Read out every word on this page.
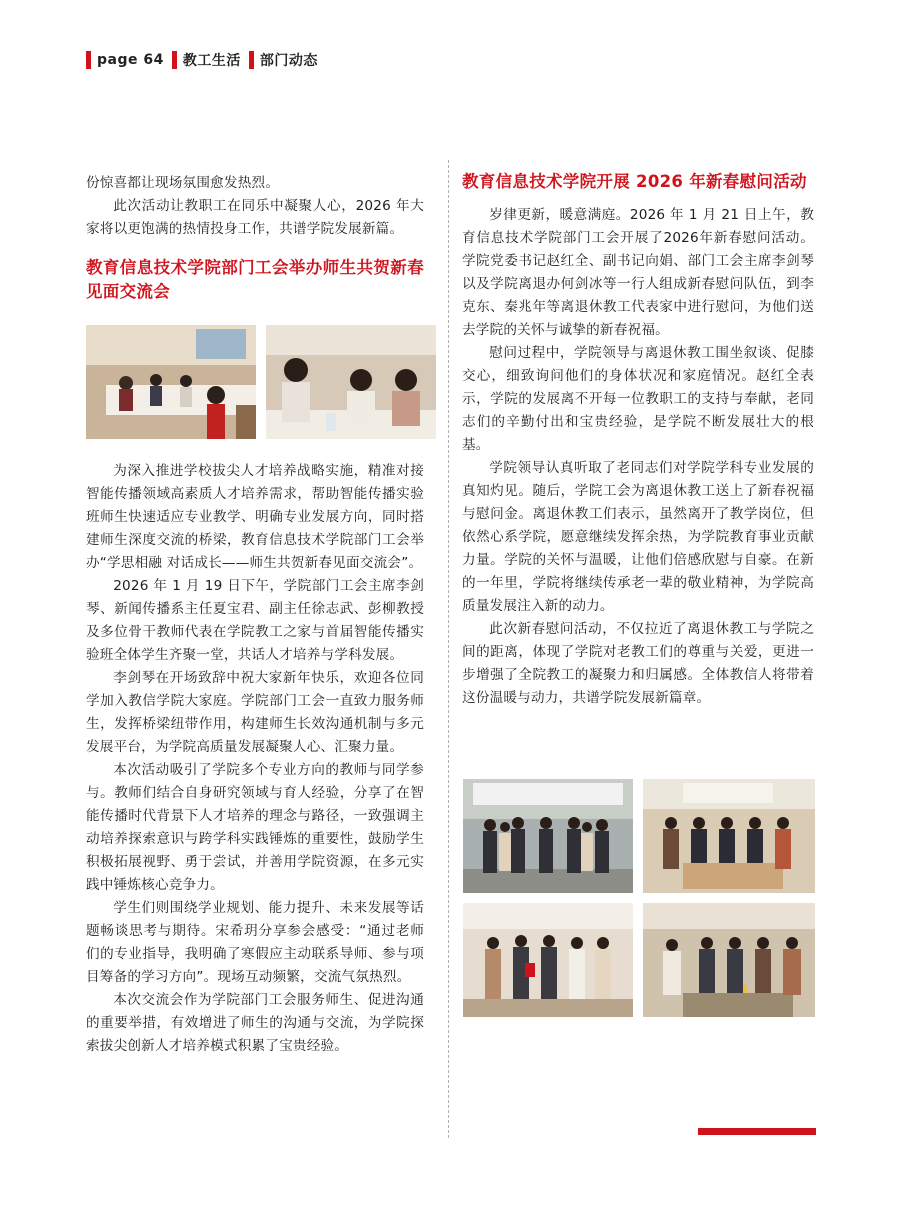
page 64 教工生活 部门动态

份惊喜都让现场氛围愈发热烈。

此次活动让教职工在同乐中凝聚人心，2026 年大家将以更饱满的热情投身工作，共谱学院发展新篇。

教育信息技术学院部门工会举办师生共贺新春见面交流会

为深入推进学校拔尖人才培养战略实施，精准对接智能传播领域高素质人才培养需求，帮助智能传播实验班师生快速适应专业教学、明确专业发展方向，同时搭建师生深度交流的桥梁，教育信息技术学院部门工会举办“学思相融 对话成长——师生共贺新春见面交流会”。

2026 年 1 月 19 日下午，学院部门工会主席李剑琴、新闻传播系主任夏宝君、副主任徐志武、彭柳教授及多位骨干教师代表在学院教工之家与首届智能传播实验班全体学生齐聚一堂，共话人才培养与学科发展。

李剑琴在开场致辞中祝大家新年快乐，欢迎各位同学加入教信学院大家庭。学院部门工会一直致力服务师生，发挥桥梁纽带作用，构建师生长效沟通机制与多元发展平台，为学院高质量发展凝聚人心、汇聚力量。

本次活动吸引了学院多个专业方向的教师与同学参与。教师们结合自身研究领域与育人经验，分享了在智能传播时代背景下人才培养的理念与路径，一致强调主动培养探索意识与跨学科实践锤炼的重要性，鼓励学生积极拓展视野、勇于尝试，并善用学院资源，在多元实践中锤炼核心竞争力。

学生们则围绕学业规划、能力提升、未来发展等话题畅谈思考与期待。宋希玥分享参会感受：“通过老师们的专业指导，我明确了寒假应主动联系导师、参与项目筹备的学习方向”。现场互动频繁，交流气氛热烈。

本次交流会作为学院部门工会服务师生、促进沟通的重要举措，有效增进了师生的沟通与交流，为学院探索拔尖创新人才培养模式积累了宝贵经验。

教育信息技术学院开展 2026 年新春慰问活动

岁律更新，暖意满庭。2026 年 1 月 21 日上午，教育信息技术学院部门工会开展了2026年新春慰问活动。学院党委书记赵红全、副书记向娟、部门工会主席李剑琴以及学院离退办何剑冰等一行人组成新春慰问队伍，到李克东、秦兆年等离退休教工代表家中进行慰问，为他们送去学院的关怀与诚挚的新春祝福。

慰问过程中，学院领导与离退休教工围坐叙谈、促膝交心，细致询问他们的身体状况和家庭情况。赵红全表示，学院的发展离不开每一位教职工的支持与奉献，老同志们的辛勤付出和宝贵经验，是学院不断发展壮大的根基。

学院领导认真听取了老同志们对学院学科专业发展的真知灼见。随后，学院工会为离退休教工送上了新春祝福与慰问金。离退休教工们表示，虽然离开了教学岗位，但依然心系学院，愿意继续发挥余热，为学院教育事业贡献力量。学院的关怀与温暖，让他们倍感欣慰与自豪。在新的一年里，学院将继续传承老一辈的敬业精神，为学院高质量发展注入新的动力。

此次新春慰问活动，不仅拉近了离退休教工与学院之间的距离，体现了学院对老教工们的尊重与关爱，更进一步增强了全院教工的凝聚力和归属感。全体教信人将带着这份温暖与动力，共谱学院发展新篇章。
